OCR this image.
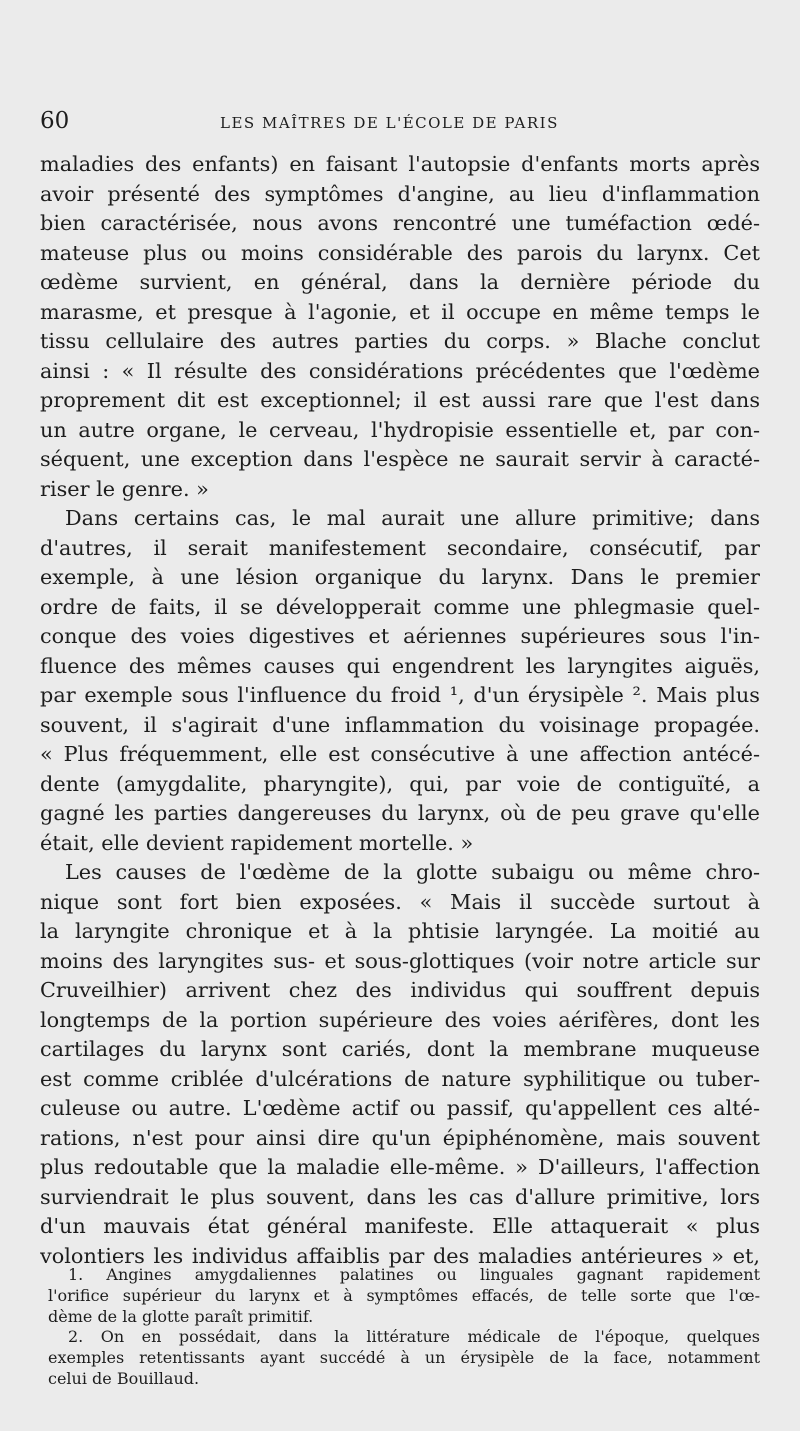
60	LES MAÎTRES DE L'ÉCOLE DE PARIS
maladies des enfants) en faisant l'autopsie d'enfants morts après
avoir présenté des symptômes d'angine, au lieu d'inflammation
bien caractérisée, nous avons rencontré une tuméfaction œdé-
mateuse plus ou moins considérable des parois du larynx. Cet
œdème survient, en général, dans la dernière période du
marasme, et presque à l'agonie, et il occupe en même temps le
tissu cellulaire des autres parties du corps. » Blache conclut
ainsi : « Il résulte des considérations précédentes que l'œdème
proprement dit est exceptionnel; il est aussi rare que l'est dans
un autre organe, le cerveau, l'hydropisie essentielle et, par con-
séquent, une exception dans l'espèce ne saurait servir à caracté-
riser le genre. »
Dans certains cas, le mal aurait une allure primitive; dans
d'autres, il serait manifestement secondaire, consécutif, par
exemple, à une lésion organique du larynx. Dans le premier
ordre de faits, il se développerait comme une phlegmasie quel-
conque des voies digestives et aériennes supérieures sous l'in-
fluence des mêmes causes qui engendrent les laryngites aiguës,
par exemple sous l'influence du froid ¹, d'un érysipèle ². Mais plus
souvent, il s'agirait d'une inflammation du voisinage propagée.
« Plus fréquemment, elle est consécutive à une affection antécé-
dente (amygdalite, pharyngite), qui, par voie de contiguïté, a
gagné les parties dangereuses du larynx, où de peu grave qu'elle
était, elle devient rapidement mortelle. »
Les causes de l'œdème de la glotte subaigu ou même chro-
nique sont fort bien exposées. « Mais il succède surtout à
la laryngite chronique et à la phtisie laryngée. La moitié au
moins des laryngites sus- et sous-glottiques (voir notre article sur
Cruveilhier) arrivent chez des individus qui souffrent depuis
longtemps de la portion supérieure des voies aérifères, dont les
cartilages du larynx sont cariés, dont la membrane muqueuse
est comme criblée d'ulcérations de nature syphilitique ou tuber-
culeuse ou autre. L'œdème actif ou passif, qu'appellent ces alté-
rations, n'est pour ainsi dire qu'un épiphénomène, mais souvent
plus redoutable que la maladie elle-même. » D'ailleurs, l'affection
surviendrait le plus souvent, dans les cas d'allure primitive, lors
d'un mauvais état général manifeste. Elle attaquerait « plus
volontiers les individus affaiblis par des maladies antérieures » et,
1. Angines amygdaliennes palatines ou linguales gagnant rapidement
l'orifice supérieur du larynx et à symptômes effacés, de telle sorte que l'œ-
dème de la glotte paraît primitif.
2. On en possédait, dans la littérature médicale de l'époque, quelques
exemples retentissants ayant succédé à un érysipèle de la face, notamment
celui de Bouillaud.
